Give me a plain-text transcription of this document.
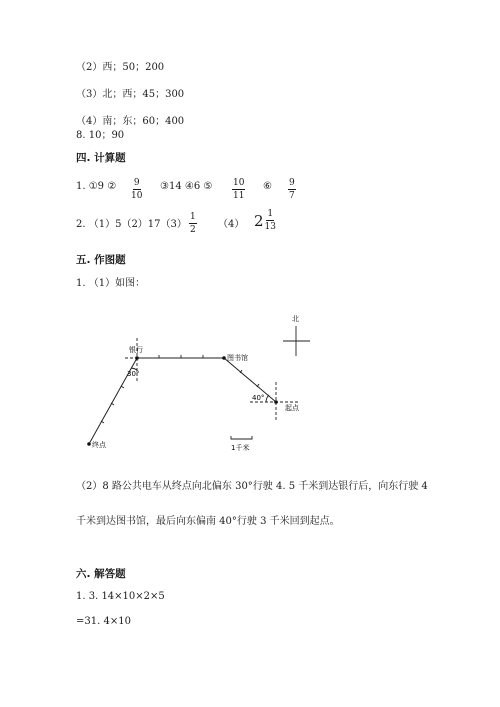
（2）西；50；200
（3）北；西；45；300
（4）南；东；60；400
8. 10；90
四. 计算题
1. ①9 ② $\frac{9}{10}$ ③14 ④6 ⑤ $\frac{10}{11}$ ⑥ $\frac{9}{7}$
2. $(1)5(2)17(3) \frac{1}{2} (4)$ $2 \frac{1}{13}$
五. 作图题
1. （1）如图：
北
银行
图书馆
起点
终点
30°
40°
1千米
（2）8 路公共电车从终点向北偏东 30°行驶 4. 5 千米到达银行后，向东行驶 4
千米到达图书馆，最后向东偏南 40°行驶 3 千米回到起点。
六. 解答题
1. 3. 14×10×2×5
=31. 4×10
